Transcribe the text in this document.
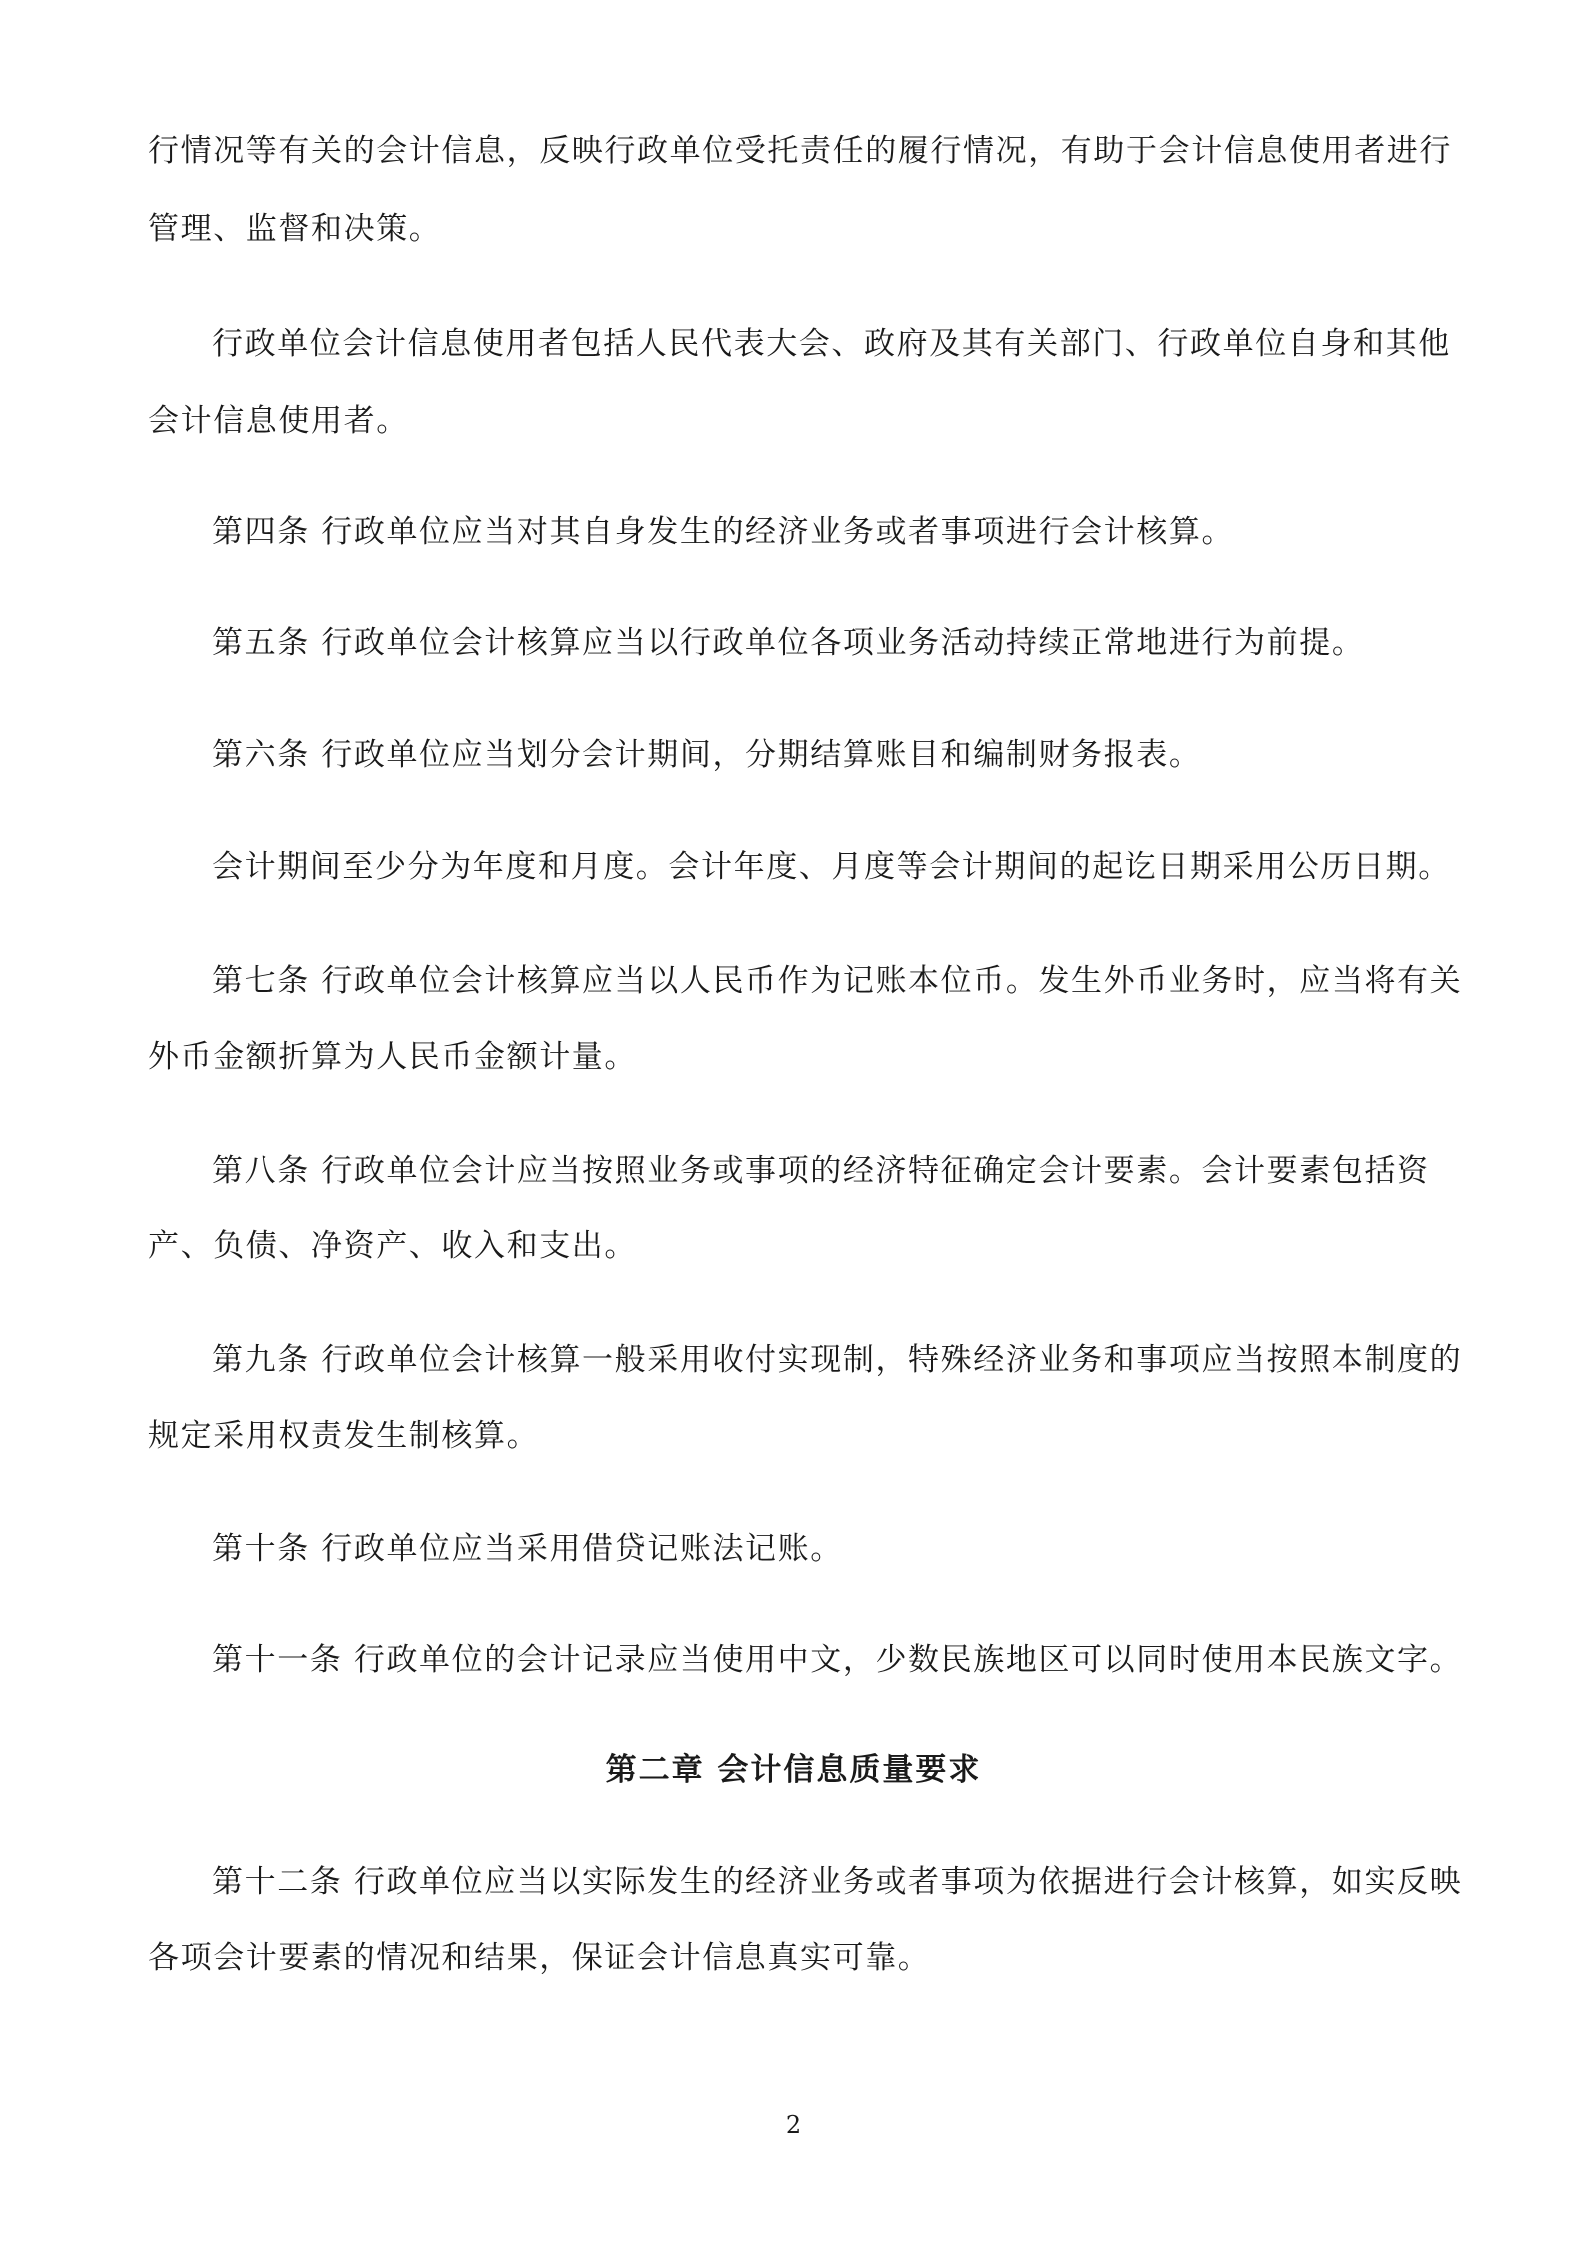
行情况等有关的会计信息，反映行政单位受托责任的履行情况，有助于会计信息使用者进行

管理、监督和决策。

行政单位会计信息使用者包括人民代表大会、政府及其有关部门、行政单位自身和其他

会计信息使用者。

第四条 行政单位应当对其自身发生的经济业务或者事项进行会计核算。

第五条 行政单位会计核算应当以行政单位各项业务活动持续正常地进行为前提。

第六条 行政单位应当划分会计期间，分期结算账目和编制财务报表。

会计期间至少分为年度和月度。会计年度、月度等会计期间的起讫日期采用公历日期。

第七条 行政单位会计核算应当以人民币作为记账本位币。发生外币业务时，应当将有关

外币金额折算为人民币金额计量。

第八条 行政单位会计应当按照业务或事项的经济特征确定会计要素。会计要素包括资

产、负债、净资产、收入和支出。

第九条 行政单位会计核算一般采用收付实现制，特殊经济业务和事项应当按照本制度的

规定采用权责发生制核算。

第十条 行政单位应当采用借贷记账法记账。

第十一条 行政单位的会计记录应当使用中文，少数民族地区可以同时使用本民族文字。

第二章 会计信息质量要求

第十二条 行政单位应当以实际发生的经济业务或者事项为依据进行会计核算，如实反映

各项会计要素的情况和结果，保证会计信息真实可靠。

2
